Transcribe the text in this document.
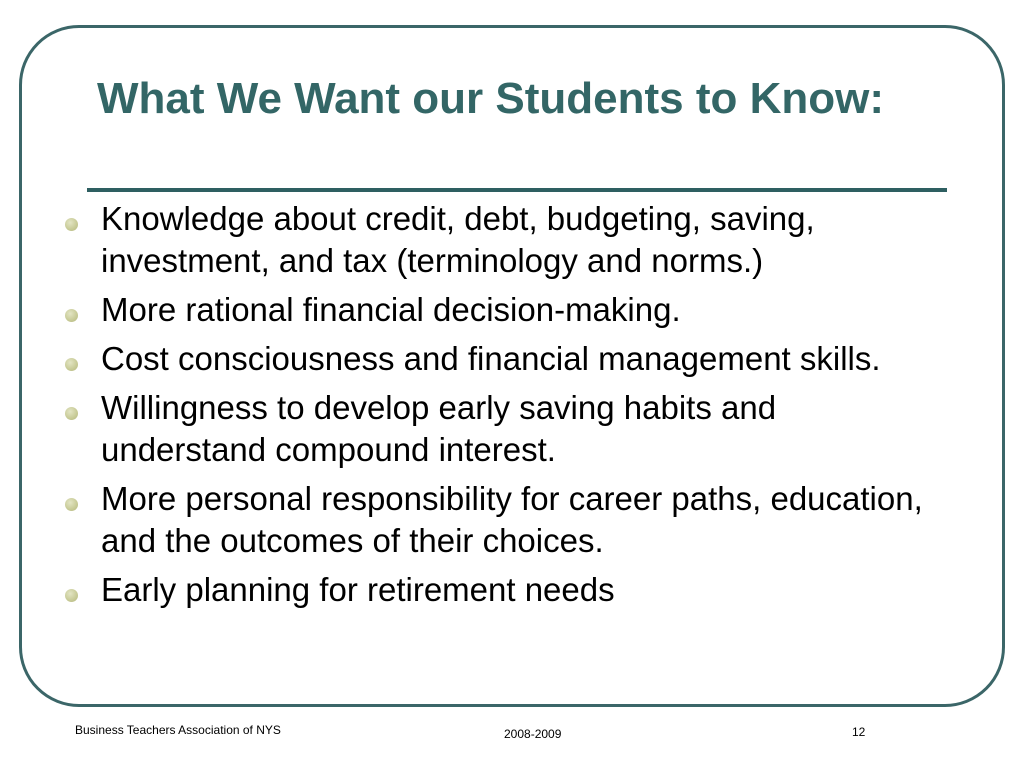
What We Want our Students to Know:
Knowledge about credit, debt, budgeting, saving, investment, and tax (terminology and norms.)
More rational financial decision-making.
Cost consciousness and financial management skills.
Willingness to develop early saving habits and understand compound interest.
More personal responsibility for career paths, education, and the outcomes of their choices.
Early planning for retirement needs
Business Teachers Association of NYS	2008-2009	12
